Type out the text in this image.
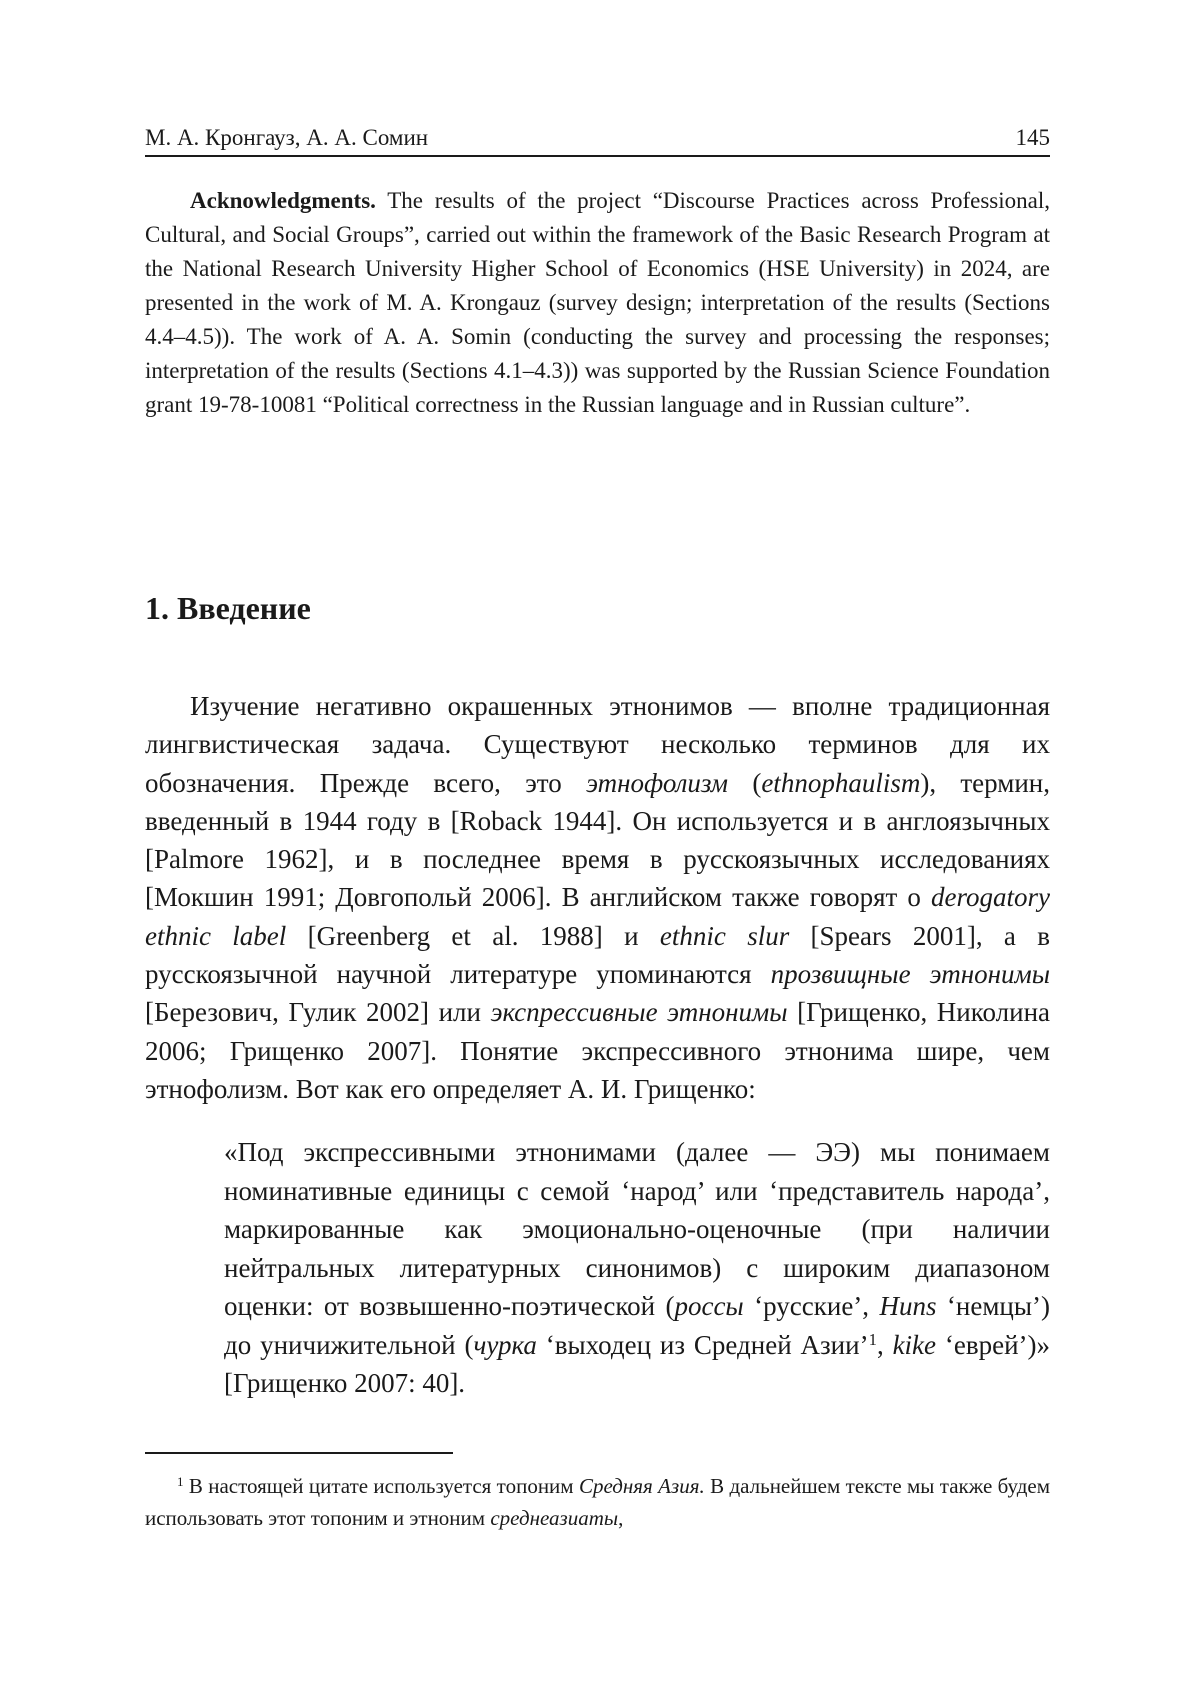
М. А. Кронгауз, А. А. Сомин	145

Acknowledgments. The results of the project “Discourse Practices across Professional, Cultural, and Social Groups”, carried out within the framework of the Basic Research Program at the National Research University Higher School of Economics (HSE University) in 2024, are presented in the work of M. A. Krongauz (survey design; interpretation of the results (Sections 4.4–4.5)). The work of A. A. Somin (conducting the survey and processing the responses; interpretation of the results (Sections 4.1–4.3)) was supported by the Russian Science Foundation grant 19-78-10081 “Political correctness in the Russian language and in Russian culture”.

1. Введение

Изучение негативно окрашенных этнонимов — вполне традиционная лингвистическая задача. Существуют несколько терминов для их обозначения. Прежде всего, это этнофолизм (ethnophaulism), термин, введенный в 1944 году в [Roback 1944]. Он используется и в англоязычных [Palmore 1962], и в последнее время в русскоязычных исследованиях [Мокшин 1991; Довгопольй 2006]. В английском также говорят о derogatory ethnic label [Greenberg et al. 1988] и ethnic slur [Spears 2001], а в русскоязычной научной литературе упоминаются прозвищные этнонимы [Березович, Гулик 2002] или экспрессивные этнонимы [Грищенко, Николина 2006; Грищенко 2007]. Понятие экспрессивного этнонима шире, чем этнофолизм. Вот как его определяет А. И. Грищенко:

«Под экспрессивными этнонимами (далее — ЭЭ) мы понимаем номинативные единицы с семой ‘народ’ или ‘представитель народа’, маркированные как эмоционально-оценочные (при наличии нейтральных литературных синонимов) с широким диапазоном оценки: от возвышенно-поэтической (россы ‘русские’, Huns ‘немцы’) до уничижительной (чурка ‘выходец из Средней Азии’$^1$, kike ‘еврей’)» [Грищенко 2007: 40].

$^1$ В настоящей цитате используется топоним Средняя Азия. В дальнейшем тексте мы также будем использовать этот топоним и этноним среднеазиаты,
